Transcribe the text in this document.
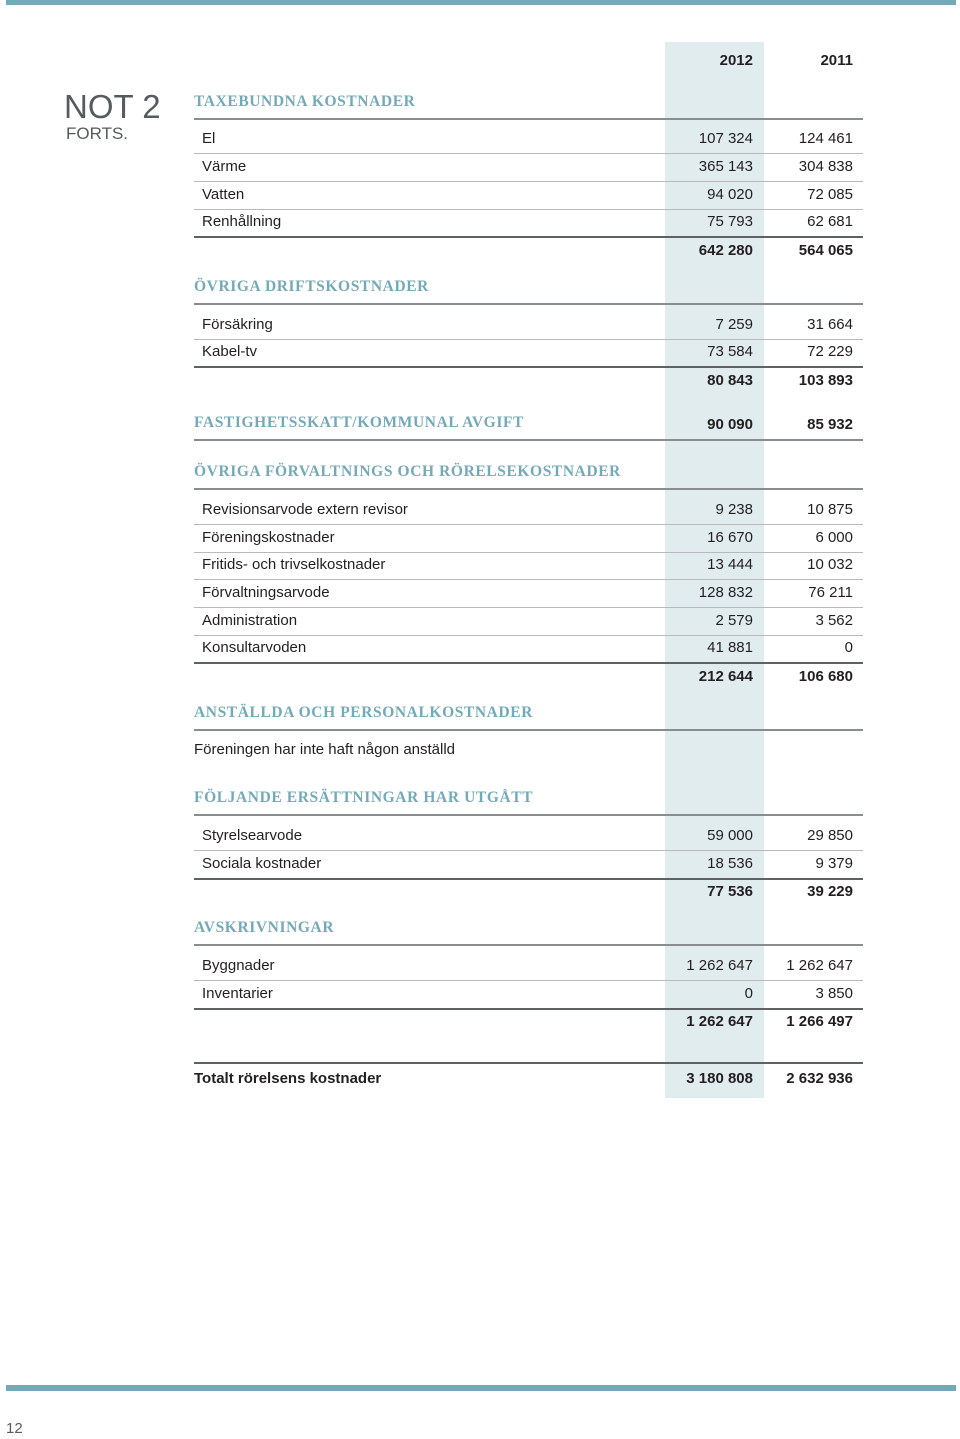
2012	2011
NOT 2
FORTS.
TAXEBUNDNA KOSTNADER
El	107 324	124 461
Värme	365 143	304 838
Vatten	94 020	72 085
Renhållning	75 793	62 681
642 280	564 065
ÖVRIGA DRIFTSKOSTNADER
Försäkring	7 259	31 664
Kabel-tv	73 584	72 229
80 843	103 893
FASTIGHETSSKATT/KOMMUNAL AVGIFT	90 090	85 932
ÖVRIGA FÖRVALTNINGS OCH RÖRELSEKOSTNADER
Revisionsarvode extern revisor	9 238	10 875
Föreningskostnader	16 670	6 000
Fritids- och trivselkostnader	13 444	10 032
Förvaltningsarvode	128 832	76 211
Administration	2 579	3 562
Konsultarvoden	41 881	0
212 644	106 680
ANSTÄLLDA OCH PERSONALKOSTNADER
Föreningen har inte haft någon anställd
FÖLJANDE ERSÄTTNINGAR HAR UTGÅTT
Styrelsearvode	59 000	29 850
Sociala kostnader	18 536	9 379
77 536	39 229
AVSKRIVNINGAR
Byggnader	1 262 647	1 262 647
Inventarier	0	3 850
1 262 647	1 266 497
Totalt rörelsens kostnader	3 180 808	2 632 936
12
